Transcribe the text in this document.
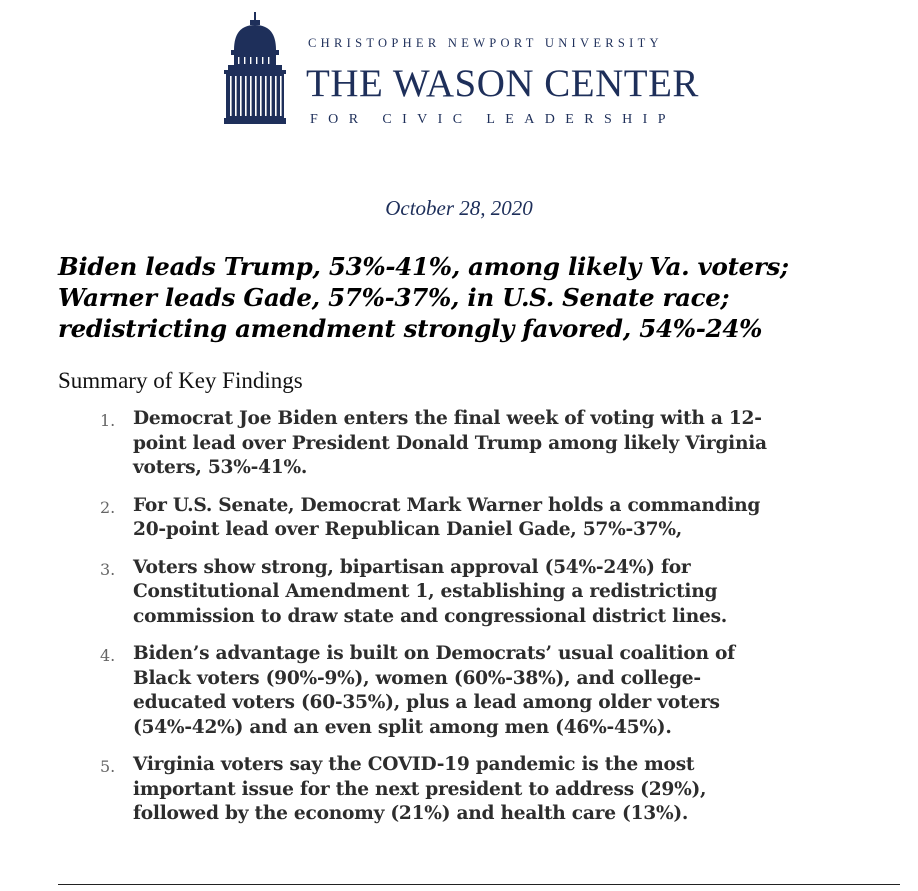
CHRISTOPHER NEWPORT UNIVERSITY
THE WASON CENTER
FOR CIVIC LEADERSHIP
October 28, 2020
Biden leads Trump, 53%-41%, among likely Va. voters;
Warner leads Gade, 57%-37%, in U.S. Senate race;
redistricting amendment strongly favored, 54%-24%
Summary of Key Findings
1. Democrat Joe Biden enters the final week of voting with a 12-
point lead over President Donald Trump among likely Virginia
voters, 53%-41%.
2. For U.S. Senate, Democrat Mark Warner holds a commanding
20-point lead over Republican Daniel Gade, 57%-37%,
3. Voters show strong, bipartisan approval (54%-24%) for
Constitutional Amendment 1, establishing a redistricting
commission to draw state and congressional district lines.
4. Biden’s advantage is built on Democrats’ usual coalition of
Black voters (90%-9%), women (60%-38%), and college-
educated voters (60-35%), plus a lead among older voters
(54%-42%) and an even split among men (46%-45%).
5. Virginia voters say the COVID-19 pandemic is the most
important issue for the next president to address (29%),
followed by the economy (21%) and health care (13%).
